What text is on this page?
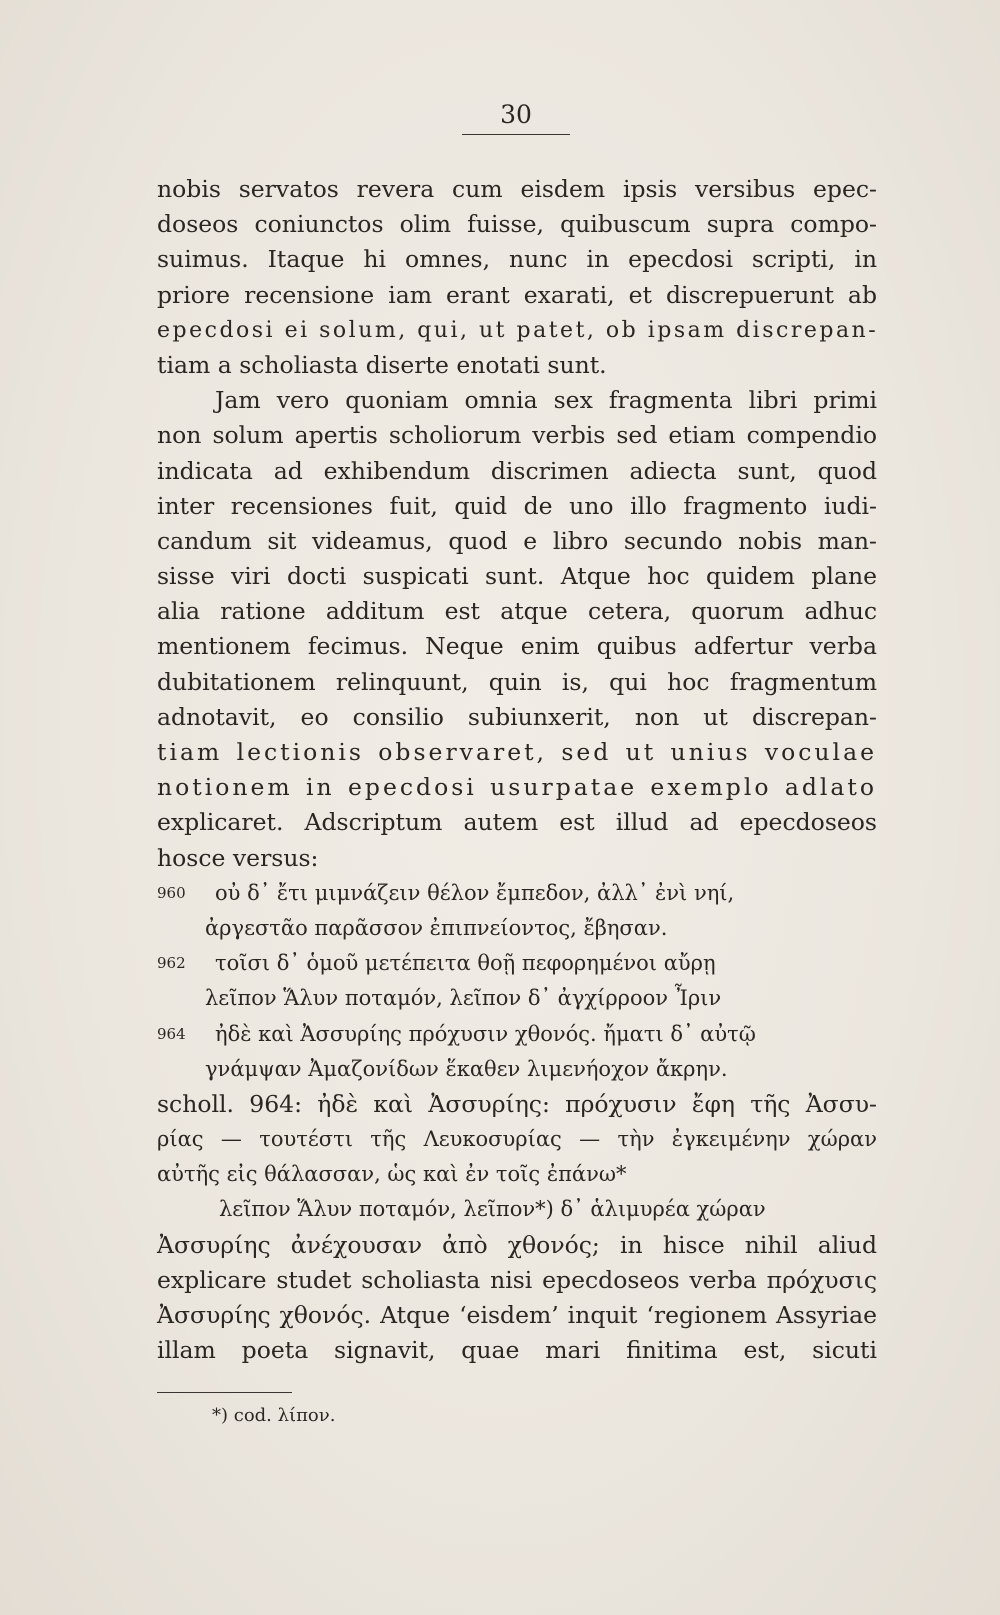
30
nobis servatos revera cum eisdem ipsis versibus epec-
doseos coniunctos olim fuisse, quibuscum supra compo-
suimus. Itaque hi omnes, nunc in epecdosi scripti, in
priore recensione iam erant exarati, et discrepuerunt ab
epecdosi ei solum, qui, ut patet, ob ipsam discrepan-
tiam a scholiasta diserte enotati sunt.
Jam vero quoniam omnia sex fragmenta libri primi
non solum apertis scholiorum verbis sed etiam compendio
indicata ad exhibendum discrimen adiecta sunt, quod
inter recensiones fuit, quid de uno illo fragmento iudi-
candum sit videamus, quod e libro secundo nobis man-
sisse viri docti suspicati sunt. Atque hoc quidem plane
alia ratione additum est atque cetera, quorum adhuc
mentionem fecimus. Neque enim quibus adfertur verba
dubitationem relinquunt, quin is, qui hoc fragmentum
adnotavit, eo consilio subiunxerit, non ut discrepan-
tiam lectionis observaret, sed ut unius voculae
notionem in epecdosi usurpatae exemplo adlato
explicaret. Adscriptum autem est illud ad epecdoseos
hosce versus:
960	οὐ δ᾽ ἔτι μιμνάζειν θέλον ἔμπεδον, ἀλλ᾽ ἐνὶ νηί,
ἀργεστᾶο παρᾶσσον ἐπιπνείοντος, ἔβησαν.
962	τοῖσι δ᾽ ὁμοῦ μετέπειτα θοῇ πεφορημένοι αὔρῃ
λεῖπον Ἅλυν ποταμόν, λεῖπον δ᾽ ἀγχίρροον Ἶριν
964	ἠδὲ καὶ Ἀσσυρίης πρόχυσιν χθονός. ἤματι δ᾽ αὐτῷ
γνάμψαν Ἀμαζονίδων ἕκαθεν λιμενήοχον ἄκρην.
scholl. 964: ἠδὲ καὶ Ἀσσυρίης: πρόχυσιν ἔφη τῆς Ἀσσυ-
ρίας — τουτέστι τῆς Λευκοσυρίας — τὴν ἐγκειμένην χώραν
αὐτῆς εἰς θάλασσαν, ὡς καὶ ἐν τοῖς ἐπάνω*
λεῖπον Ἅλυν ποταμόν, λεῖπον*) δ᾽ ἁλιμυρέα χώραν
Ἀσσυρίης ἀνέχουσαν ἀπὸ χθονός; in hisce nihil aliud
explicare studet scholiasta nisi epecdoseos verba πρόχυσις
Ἀσσυρίης χθονός. Atque ‘eisdem’ inquit ‘regionem Assyriae
illam poeta signavit, quae mari finitima est, sicuti
*) cod. λίπον.
